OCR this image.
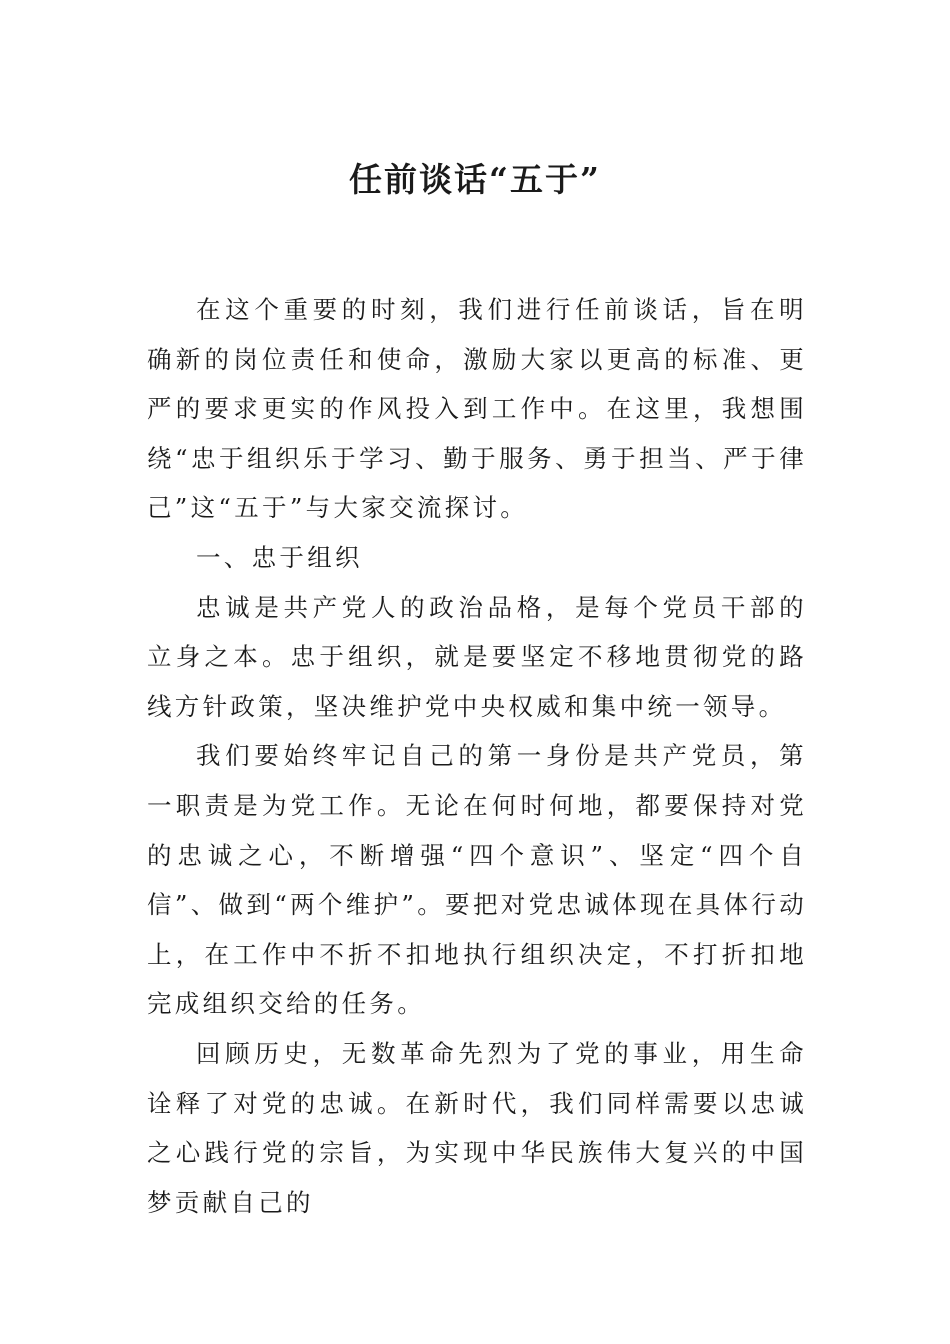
任前谈话“五于”

在这个重要的时刻，我们进行任前谈话，旨在明确新的岗位责任和使命，激励大家以更高的标准、更严的要求更实的作风投入到工作中。在这里，我想围绕“忠于组织乐于学习、勤于服务、勇于担当、严于律己”这“五于”与大家交流探讨。

一、忠于组织

忠诚是共产党人的政治品格，是每个党员干部的立身之本。忠于组织，就是要坚定不移地贯彻党的路线方针政策，坚决维护党中央权威和集中统一领导。

我们要始终牢记自己的第一身份是共产党员，第一职责是为党工作。无论在何时何地，都要保持对党的忠诚之心，不断增强“四个意识”、坚定“四个自信”、做到“两个维护”。要把对党忠诚体现在具体行动上，在工作中不折不扣地执行组织决定，不打折扣地完成组织交给的任务。

回顾历史，无数革命先烈为了党的事业，用生命诠释了对党的忠诚。在新时代，我们同样需要以忠诚之心践行党的宗旨，为实现中华民族伟大复兴的中国梦贡献自己的
